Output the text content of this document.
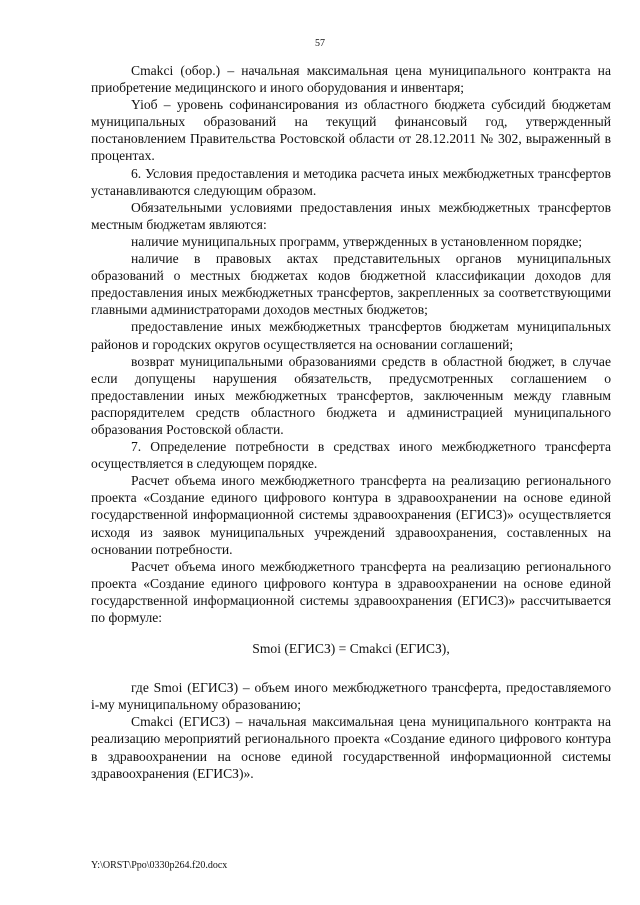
57

Cmakci (обор.) – начальная максимальная цена муниципального контракта на приобретение медицинского и иного оборудования и инвентаря;

Yioб – уровень софинансирования из областного бюджета субсидий бюджетам муниципальных образований на текущий финансовый год, утвержденный постановлением Правительства Ростовской области от 28.12.2011 № 302, выраженный в процентах.

6. Условия предоставления и методика расчета иных межбюджетных трансфертов устанавливаются следующим образом.

Обязательными условиями предоставления иных межбюджетных трансфертов местным бюджетам являются:

наличие муниципальных программ, утвержденных в установленном порядке;

наличие в правовых актах представительных органов муниципальных образований о местных бюджетах кодов бюджетной классификации доходов для предоставления иных межбюджетных трансфертов, закрепленных за соответствующими главными администраторами доходов местных бюджетов;

предоставление иных межбюджетных трансфертов бюджетам муниципальных районов и городских округов осуществляется на основании соглашений;

возврат муниципальными образованиями средств в областной бюджет, в случае если допущены нарушения обязательств, предусмотренных соглашением о предоставлении иных межбюджетных трансфертов, заключенным между главным распорядителем средств областного бюджета и администрацией муниципального образования Ростовской области.

7. Определение потребности в средствах иного межбюджетного трансферта осуществляется в следующем порядке.

Расчет объема иного межбюджетного трансферта на реализацию регионального проекта «Создание единого цифрового контура в здравоохранении на основе единой государственной информационной системы здравоохранения (ЕГИСЗ)» осуществляется исходя из заявок муниципальных учреждений здравоохранения, составленных на основании потребности.

Расчет объема иного межбюджетного трансферта на реализацию регионального проекта «Создание единого цифрового контура в здравоохранении на основе единой государственной информационной системы здравоохранения (ЕГИСЗ)» рассчитывается по формуле:

Smoi (ЕГИСЗ) = Cmakci (ЕГИСЗ),

где Smoi (ЕГИСЗ) – объем иного межбюджетного трансферта, предоставляемого i-му муниципальному образованию;

Cmakci (ЕГИСЗ) – начальная максимальная цена муниципального контракта на реализацию мероприятий регионального проекта «Создание единого цифрового контура в здравоохранении на основе единой государственной информационной системы здравоохранения (ЕГИСЗ)».

Y:\ORST\Ppo\0330p264.f20.docx
